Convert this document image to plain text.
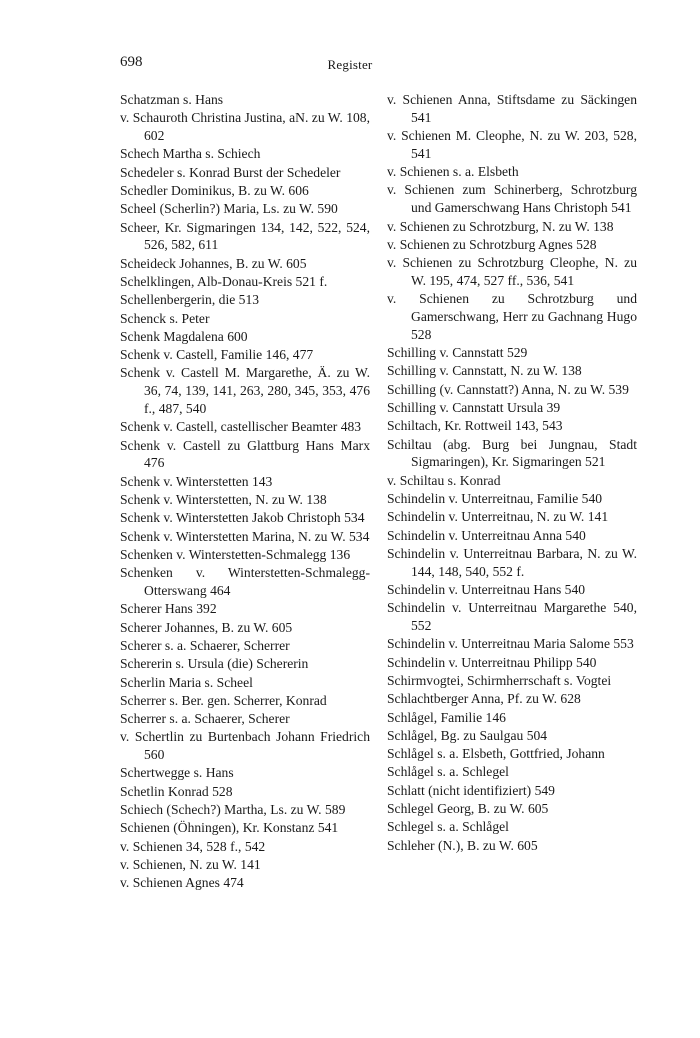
698	Register

Schatzman s. Hans

v. Schauroth Christina Justina, aN. zu W. 108, 602

Schech Martha s. Schiech

Schedeler s. Konrad Burst der Schedeler

Schedler Dominikus, B. zu W. 606

Scheel (Scherlin?) Maria, Ls. zu W. 590

Scheer, Kr. Sigmaringen 134, 142, 522, 524, 526, 582, 611

Scheideck Johannes, B. zu W. 605

Schelklingen, Alb-Donau-Kreis 521 f.

Schellenbergerin, die 513

Schenck s. Peter

Schenk Magdalena 600

Schenk v. Castell, Familie 146, 477

Schenk v. Castell M. Margarethe, Ä. zu W. 36, 74, 139, 141, 263, 280, 345, 353, 476 f., 487, 540

Schenk v. Castell, castellischer Beamter 483

Schenk v. Castell zu Glattburg Hans Marx 476

Schenk v. Winterstetten 143

Schenk v. Winterstetten, N. zu W. 138

Schenk v. Winterstetten Jakob Christoph 534

Schenk v. Winterstetten Marina, N. zu W. 534

Schenken v. Winterstetten-Schmalegg 136

Schenken v. Winterstetten-Schmalegg-Otterswang 464

Scherer Hans 392

Scherer Johannes, B. zu W. 605

Scherer s. a. Schaerer, Scherrer

Schererin s. Ursula (die) Schererin

Scherlin Maria s. Scheel

Scherrer s. Ber. gen. Scherrer, Konrad

Scherrer s. a. Schaerer, Scherer

v. Schertlin zu Burtenbach Johann Friedrich 560

Schertwegge s. Hans

Schetlin Konrad 528

Schiech (Schech?) Martha, Ls. zu W. 589

Schienen (Öhningen), Kr. Konstanz 541

v. Schienen 34, 528 f., 542

v. Schienen, N. zu W. 141

v. Schienen Agnes 474

v. Schienen Anna, Stiftsdame zu Säckingen 541

v. Schienen M. Cleophe, N. zu W. 203, 528, 541

v. Schienen s. a. Elsbeth

v. Schienen zum Schinerberg, Schrotzburg und Gamerschwang Hans Christoph 541

v. Schienen zu Schrotzburg, N. zu W. 138

v. Schienen zu Schrotzburg Agnes 528

v. Schienen zu Schrotzburg Cleophe, N. zu W. 195, 474, 527 ff., 536, 541

v. Schienen zu Schrotzburg und Gamerschwang, Herr zu Gachnang Hugo 528

Schilling v. Cannstatt 529

Schilling v. Cannstatt, N. zu W. 138

Schilling (v. Cannstatt?) Anna, N. zu W. 539

Schilling v. Cannstatt Ursula 39

Schiltach, Kr. Rottweil 143, 543

Schiltau (abg. Burg bei Jungnau, Stadt Sigmaringen), Kr. Sigmaringen 521

v. Schiltau s. Konrad

Schindelin v. Unterreitnau, Familie 540

Schindelin v. Unterreitnau, N. zu W. 141

Schindelin v. Unterreitnau Anna 540

Schindelin v. Unterreitnau Barbara, N. zu W. 144, 148, 540, 552 f.

Schindelin v. Unterreitnau Hans 540

Schindelin v. Unterreitnau Margarethe 540, 552

Schindelin v. Unterreitnau Maria Salome 553

Schindelin v. Unterreitnau Philipp 540

Schirmvogtei, Schirmherrschaft s. Vogtei

Schlachtberger Anna, Pf. zu W. 628

Schlågel, Familie 146

Schlågel, Bg. zu Saulgau 504

Schlågel s. a. Elsbeth, Gottfried, Johann

Schlågel s. a. Schlegel

Schlatt (nicht identifiziert) 549

Schlegel Georg, B. zu W. 605

Schlegel s. a. Schlågel

Schleher (N.), B. zu W. 605
